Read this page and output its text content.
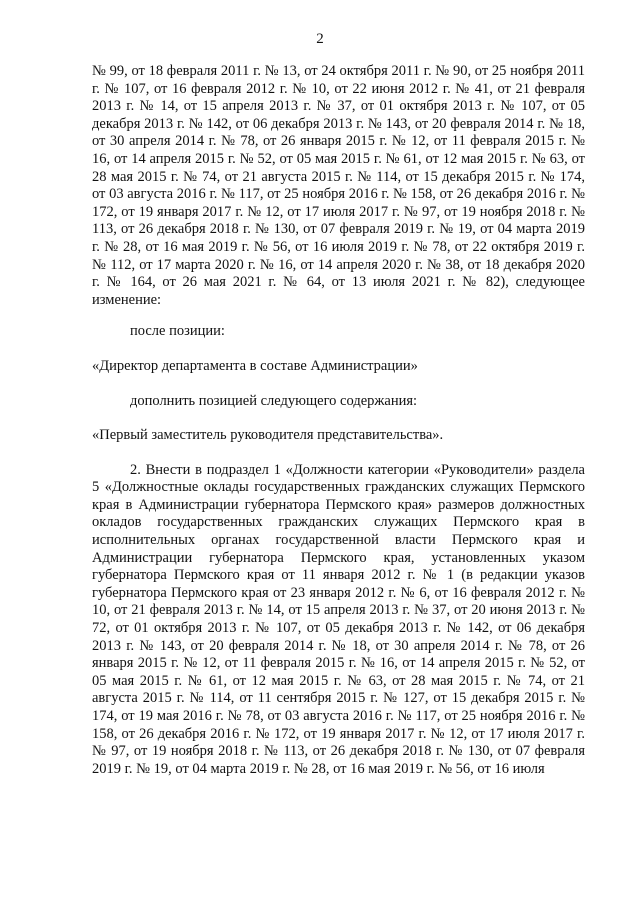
2

№ 99, от 18 февраля 2011 г. № 13, от 24 октября 2011 г. № 90, от 25 ноября 2011 г. № 107, от 16 февраля 2012 г. № 10, от 22 июня 2012 г. № 41, от 21 февраля 2013 г. № 14, от 15 апреля 2013 г. № 37, от 01 октября 2013 г. № 107, от 05 декабря 2013 г. № 142, от 06 декабря 2013 г. № 143, от 20 февраля 2014 г. № 18, от 30 апреля 2014 г. № 78, от 26 января 2015 г. № 12, от 11 февраля 2015 г. № 16, от 14 апреля 2015 г. № 52, от 05 мая 2015 г. № 61, от 12 мая 2015 г. № 63, от 28 мая 2015 г. № 74, от 21 августа 2015 г. № 114, от 15 декабря 2015 г. № 174, от 03 августа 2016 г. № 117, от 25 ноября 2016 г. № 158, от 26 декабря 2016 г. № 172, от 19 января 2017 г. № 12, от 17 июля 2017 г. № 97, от 19 ноября 2018 г. № 113, от 26 декабря 2018 г. № 130, от 07 февраля 2019 г. № 19, от 04 марта 2019 г. № 28, от 16 мая 2019 г. № 56, от 16 июля 2019 г. № 78, от 22 октября 2019 г. № 112, от 17 марта 2020 г. № 16, от 14 апреля 2020 г. № 38, от 18 декабря 2020 г. № 164, от 26 мая 2021 г. № 64, от 13 июля 2021 г. № 82), следующее изменение:

после позиции:

«Директор департамента в составе Администрации»

дополнить позицией следующего содержания:

«Первый заместитель руководителя представительства».

2. Внести в подраздел 1 «Должности категории «Руководители» раздела 5 «Должностные оклады государственных гражданских служащих Пермского края в Администрации губернатора Пермского края» размеров должностных окладов государственных гражданских служащих Пермского края в исполнительных органах государственной власти Пермского края и Администрации губернатора Пермского края, установленных указом губернатора Пермского края от 11 января 2012 г. № 1 (в редакции указов губернатора Пермского края от 23 января 2012 г. № 6, от 16 февраля 2012 г. № 10, от 21 февраля 2013 г. № 14, от 15 апреля 2013 г. № 37, от 20 июня 2013 г. № 72, от 01 октября 2013 г. № 107, от 05 декабря 2013 г. № 142, от 06 декабря 2013 г. № 143, от 20 февраля 2014 г. № 18, от 30 апреля 2014 г. № 78, от 26 января 2015 г. № 12, от 11 февраля 2015 г. № 16, от 14 апреля 2015 г. № 52, от 05 мая 2015 г. № 61, от 12 мая 2015 г. № 63, от 28 мая 2015 г. № 74, от 21 августа 2015 г. № 114, от 11 сентября 2015 г. № 127, от 15 декабря 2015 г. № 174, от 19 мая 2016 г. № 78, от 03 августа 2016 г. № 117, от 25 ноября 2016 г. № 158, от 26 декабря 2016 г. № 172, от 19 января 2017 г. № 12, от 17 июля 2017 г. № 97, от 19 ноября 2018 г. № 113, от 26 декабря 2018 г. № 130, от 07 февраля 2019 г. № 19, от 04 марта 2019 г. № 28, от 16 мая 2019 г. № 56, от 16 июля
